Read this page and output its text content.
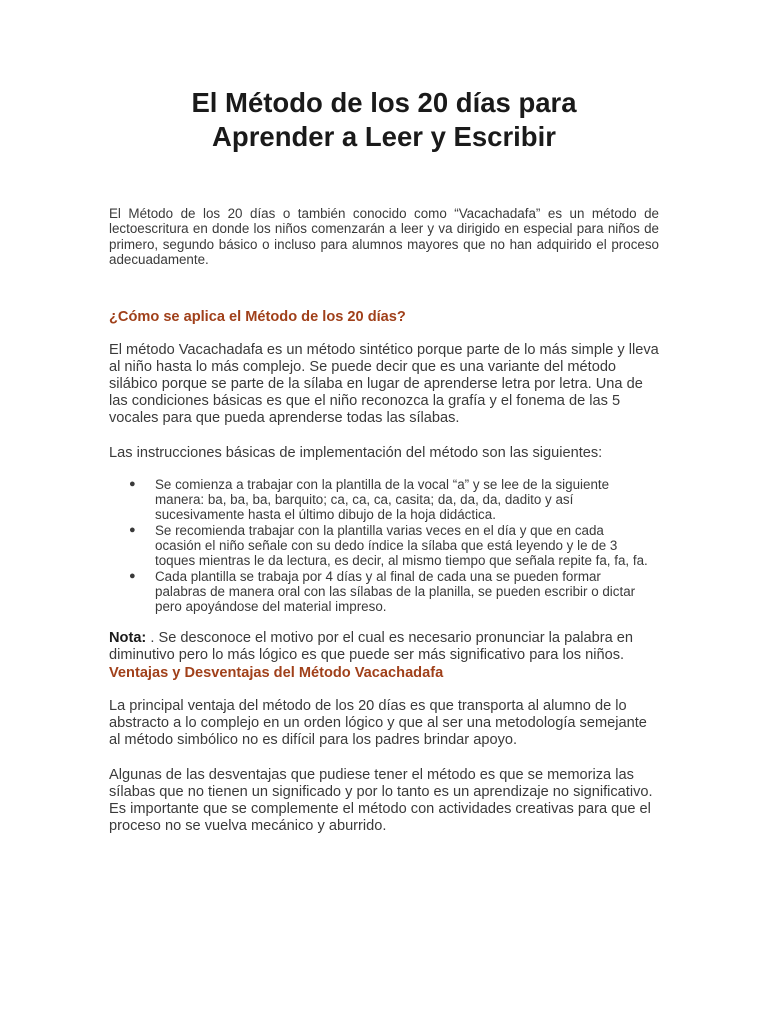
El Método de los 20 días para
Aprender a Leer y Escribir

El Método de los 20 días o también conocido como “Vacachadafa” es un método de lectoescritura en donde los niños comenzarán a leer y va dirigido en especial para niños de primero, segundo básico o incluso para alumnos mayores que no han adquirido el proceso adecuadamente.

¿Cómo se aplica el Método de los 20 días?

El método Vacachadafa es un método sintético porque parte de lo más simple y lleva al niño hasta lo más complejo. Se puede decir que es una variante del método silábico porque se parte de la sílaba en lugar de aprenderse letra por letra. Una de las condiciones básicas es que el niño reconozca la grafía y el fonema de las 5 vocales para que pueda aprenderse todas las sílabas.

Las instrucciones básicas de implementación del método son las siguientes:

● Se comienza a trabajar con la plantilla de la vocal “a” y se lee de la siguiente manera: ba, ba, ba, barquito; ca, ca, ca, casita; da, da, da, dadito y así sucesivamente hasta el último dibujo de la hoja didáctica.
● Se recomienda trabajar con la plantilla varias veces en el día y que en cada ocasión el niño señale con su dedo índice la sílaba que está leyendo y le de 3 toques mientras le da lectura, es decir, al mismo tiempo que señala repite fa, fa, fa.
● Cada plantilla se trabaja por 4 días y al final de cada una se pueden formar palabras de manera oral con las sílabas de la planilla, se pueden escribir o dictar pero apoyándose del material impreso.

Nota: . Se desconoce el motivo por el cual es necesario pronunciar la palabra en diminutivo pero lo más lógico es que puede ser más significativo para los niños.

Ventajas y Desventajas del Método Vacachadafa

La principal ventaja del método de los 20 días es que transporta al alumno de lo abstracto a lo complejo en un orden lógico y que al ser una metodología semejante al método simbólico no es difícil para los padres brindar apoyo.

Algunas de las desventajas que pudiese tener el método es que se memoriza las sílabas que no tienen un significado y por lo tanto es un aprendizaje no significativo. Es importante que se complemente el método con actividades creativas para que el proceso no se vuelva mecánico y aburrido.
